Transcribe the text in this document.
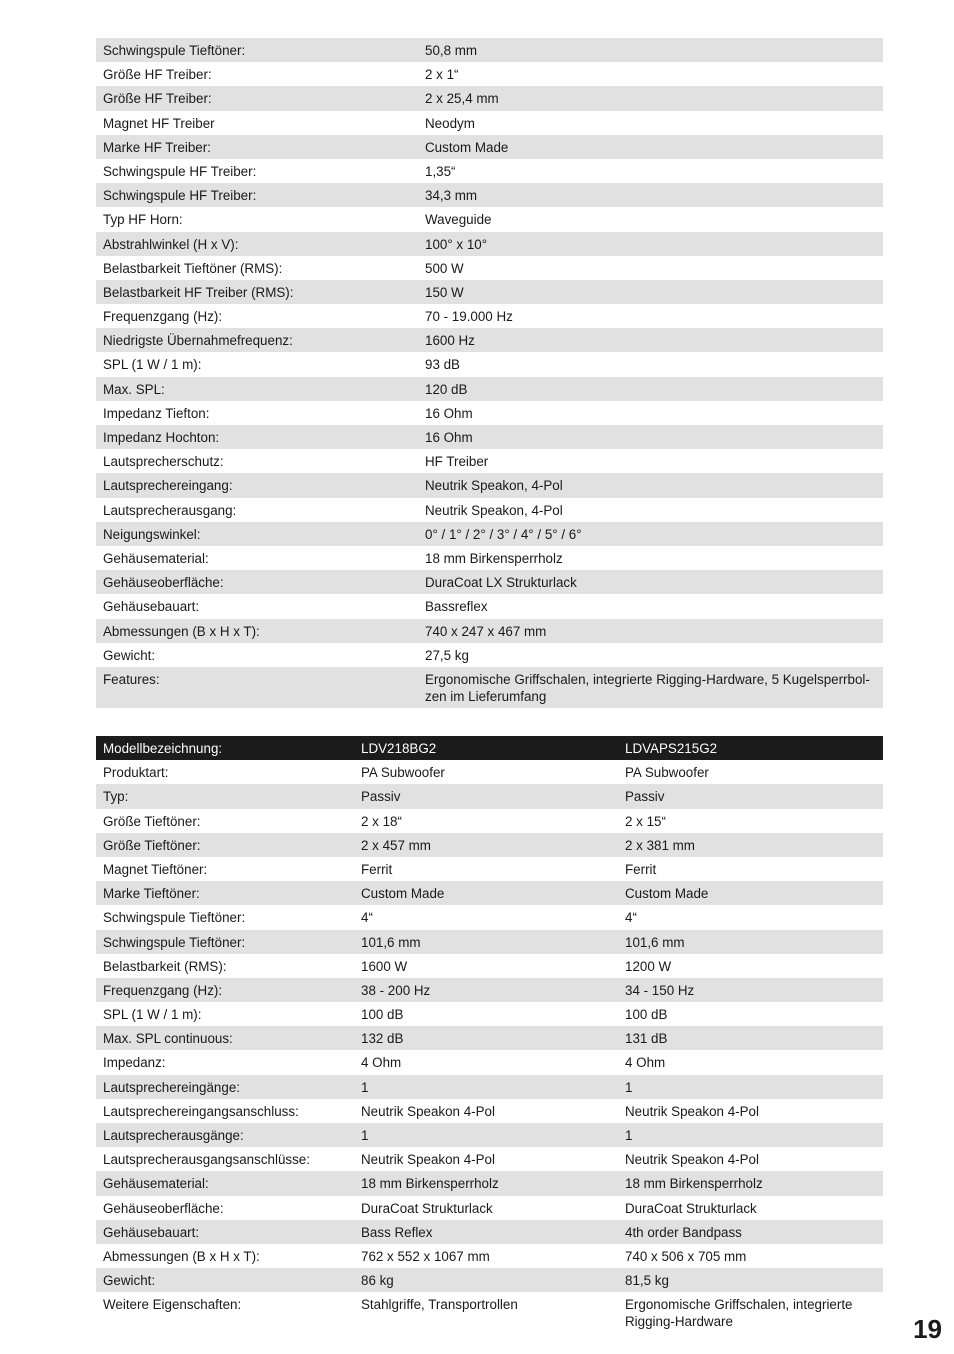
Schwingspule Tieftöner:	50,8 mm
Größe HF Treiber:	2 x 1“
Größe HF Treiber:	2 x 25,4 mm
Magnet HF Treiber	Neodym
Marke HF Treiber:	Custom Made
Schwingspule HF Treiber:	1,35“
Schwingspule HF Treiber:	34,3 mm
Typ HF Horn:	Waveguide
Abstrahlwinkel (H x V):	100° x 10°
Belastbarkeit Tieftöner (RMS):	500 W
Belastbarkeit HF Treiber (RMS):	150 W
Frequenzgang (Hz):	70 - 19.000 Hz
Niedrigste Übernahmefrequenz:	1600 Hz
SPL (1 W / 1 m):	93 dB
Max. SPL:	120 dB
Impedanz Tiefton:	16 Ohm
Impedanz Hochton:	16 Ohm
Lautsprecherschutz:	HF Treiber
Lautsprechereingang:	Neutrik Speakon, 4-Pol
Lautsprecherausgang:	Neutrik Speakon, 4-Pol
Neigungswinkel:	0° / 1° / 2° / 3° / 4° / 5° / 6°
Gehäusematerial:	18 mm Birkensperrholz
Gehäuseoberfläche:	DuraCoat LX Strukturlack
Gehäusebauart:	Bassreflex
Abmessungen (B x H x T):	740 x 247 x 467 mm
Gewicht:	27,5 kg
Features:	Ergonomische Griffschalen, integrierte Rigging-Hardware, 5 Kugelsperrbol-
zen im Lieferumfang
Modellbezeichnung:	LDV218BG2	LDVAPS215G2
Produktart:	PA Subwoofer	PA Subwoofer
Typ:	Passiv	Passiv
Größe Tieftöner:	2 x 18“	2 x 15“
Größe Tieftöner:	2 x 457 mm	2 x 381 mm
Magnet Tieftöner:	Ferrit	Ferrit
Marke Tieftöner:	Custom Made	Custom Made
Schwingspule Tieftöner:	4“	4“
Schwingspule Tieftöner:	101,6 mm	101,6 mm
Belastbarkeit (RMS):	1600 W	1200 W
Frequenzgang (Hz):	38 - 200 Hz	34 - 150 Hz
SPL (1 W / 1 m):	100 dB	100 dB
Max. SPL continuous:	132 dB	131 dB
Impedanz:	4 Ohm	4 Ohm
Lautsprechereingänge:	1	1
Lautsprechereingangsanschluss:	Neutrik Speakon 4-Pol	Neutrik Speakon 4-Pol
Lautsprecherausgänge:	1	1
Lautsprecherausgangsanschlüsse:	Neutrik Speakon 4-Pol	Neutrik Speakon 4-Pol
Gehäusematerial:	18 mm Birkensperrholz	18 mm Birkensperrholz
Gehäuseoberfläche:	DuraCoat Strukturlack	DuraCoat Strukturlack
Gehäusebauart:	Bass Reflex	4th order Bandpass
Abmessungen (B x H x T):	762 x 552 x 1067 mm	740 x 506 x 705 mm
Gewicht:	86 kg	81,5 kg
Weitere Eigenschaften:	Stahlgriffe, Transportrollen	Ergonomische Griffschalen, integrierte
Rigging-Hardware	19
